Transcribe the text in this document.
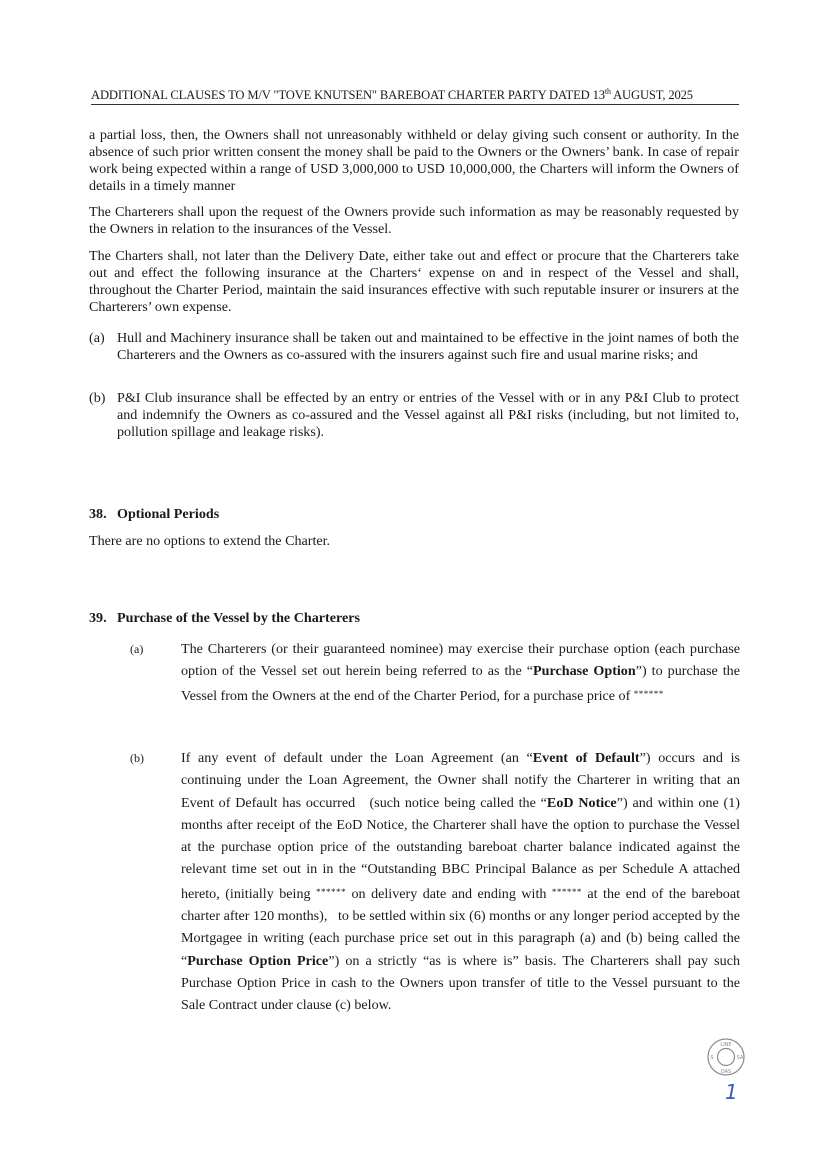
ADDITIONAL CLAUSES TO M/V "TOVE KNUTSEN" BAREBOAT CHARTER PARTY DATED 13th AUGUST, 2025
a partial loss, then, the Owners shall not unreasonably withheld or delay giving such consent or authority. In the absence of such prior written consent the money shall be paid to the Owners or the Owners’ bank. In case of repair work being expected within a range of USD 3,000,000 to USD 10,000,000, the Charters will inform the Owners of details in a timely manner
The Charterers shall upon the request of the Owners provide such information as may be reasonably requested by the Owners in relation to the insurances of the Vessel.
The Charters shall, not later than the Delivery Date, either take out and effect or procure that the Charterers take out and effect the following insurance at the Charters‘ expense on and in respect of the Vessel and shall, throughout the Charter Period, maintain the said insurances effective with such reputable insurer or insurers at the Charterers’ own expense.
(a) Hull and Machinery insurance shall be taken out and maintained to be effective in the joint names of both the Charterers and the Owners as co-assured with the insurers against such fire and usual marine risks; and
(b) P&I Club insurance shall be effected by an entry or entries of the Vessel with or in any P&I Club to protect and indemnify the Owners as co-assured and the Vessel against all P&I risks (including, but not limited to, pollution spillage and leakage risks).
38. Optional Periods
There are no options to extend the Charter.
39. Purchase of the Vessel by the Charterers
(a)	The Charterers (or their guaranteed nominee) may exercise their purchase option (each purchase option of the Vessel set out herein being referred to as the “Purchase Option”) to purchase the Vessel from the Owners at the end of the Charter Period, for a purchase price of ******
(b)	If any event of default under the Loan Agreement (an “Event of Default”) occurs and is continuing under the Loan Agreement, the Owner shall notify the Charterer in writing that an Event of Default has occurred   (such notice being called the “EoD Notice”) and within one (1) months after receipt of the EoD Notice, the Charterer shall have the option to purchase the Vessel at the purchase option price of the outstanding bareboat charter balance indicated against the relevant time set out in in the “Outstanding BBC Principal Balance as per Schedule A attached hereto, (initially being ****** on delivery date and ending with ****** at the end of the bareboat charter after 120 months),   to be settled within six (6) months or any longer period accepted by the Mortgagee in writing (each purchase price set out in this paragraph (a) and (b) being called the “Purchase Option Price”) on a strictly “as is where is” basis. The Charterers shall pay such Purchase Option Price in cash to the Owners upon transfer of title to the Vessel pursuant to the Sale Contract under clause (c) below.
LINE
DAS
S	SA
1
